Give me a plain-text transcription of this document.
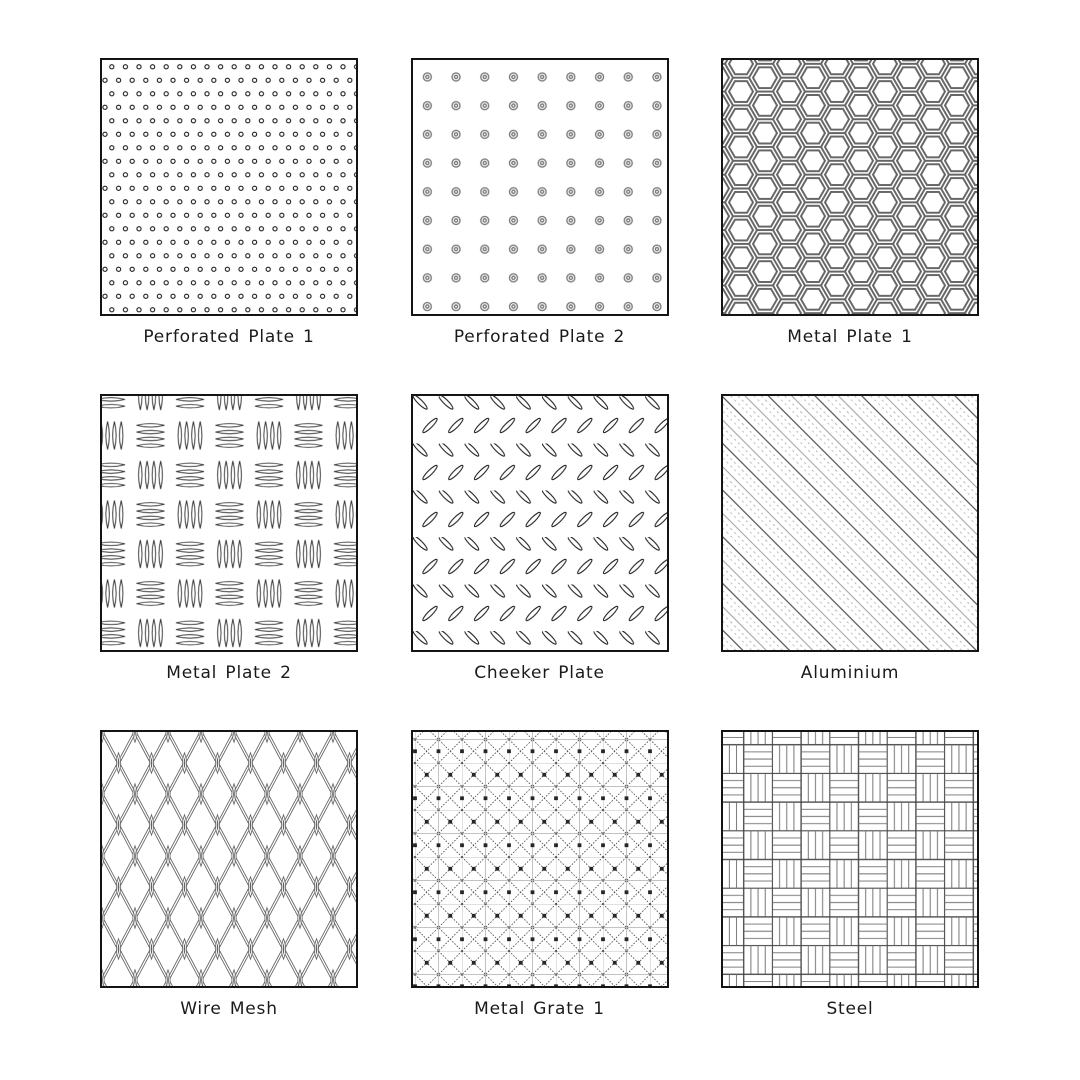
Perforated Plate 1	Perforated Plate 2	Metal Plate 1
Metal Plate 2	Cheeker Plate	Aluminium
Wire Mesh	Metal Grate 1	Steel
